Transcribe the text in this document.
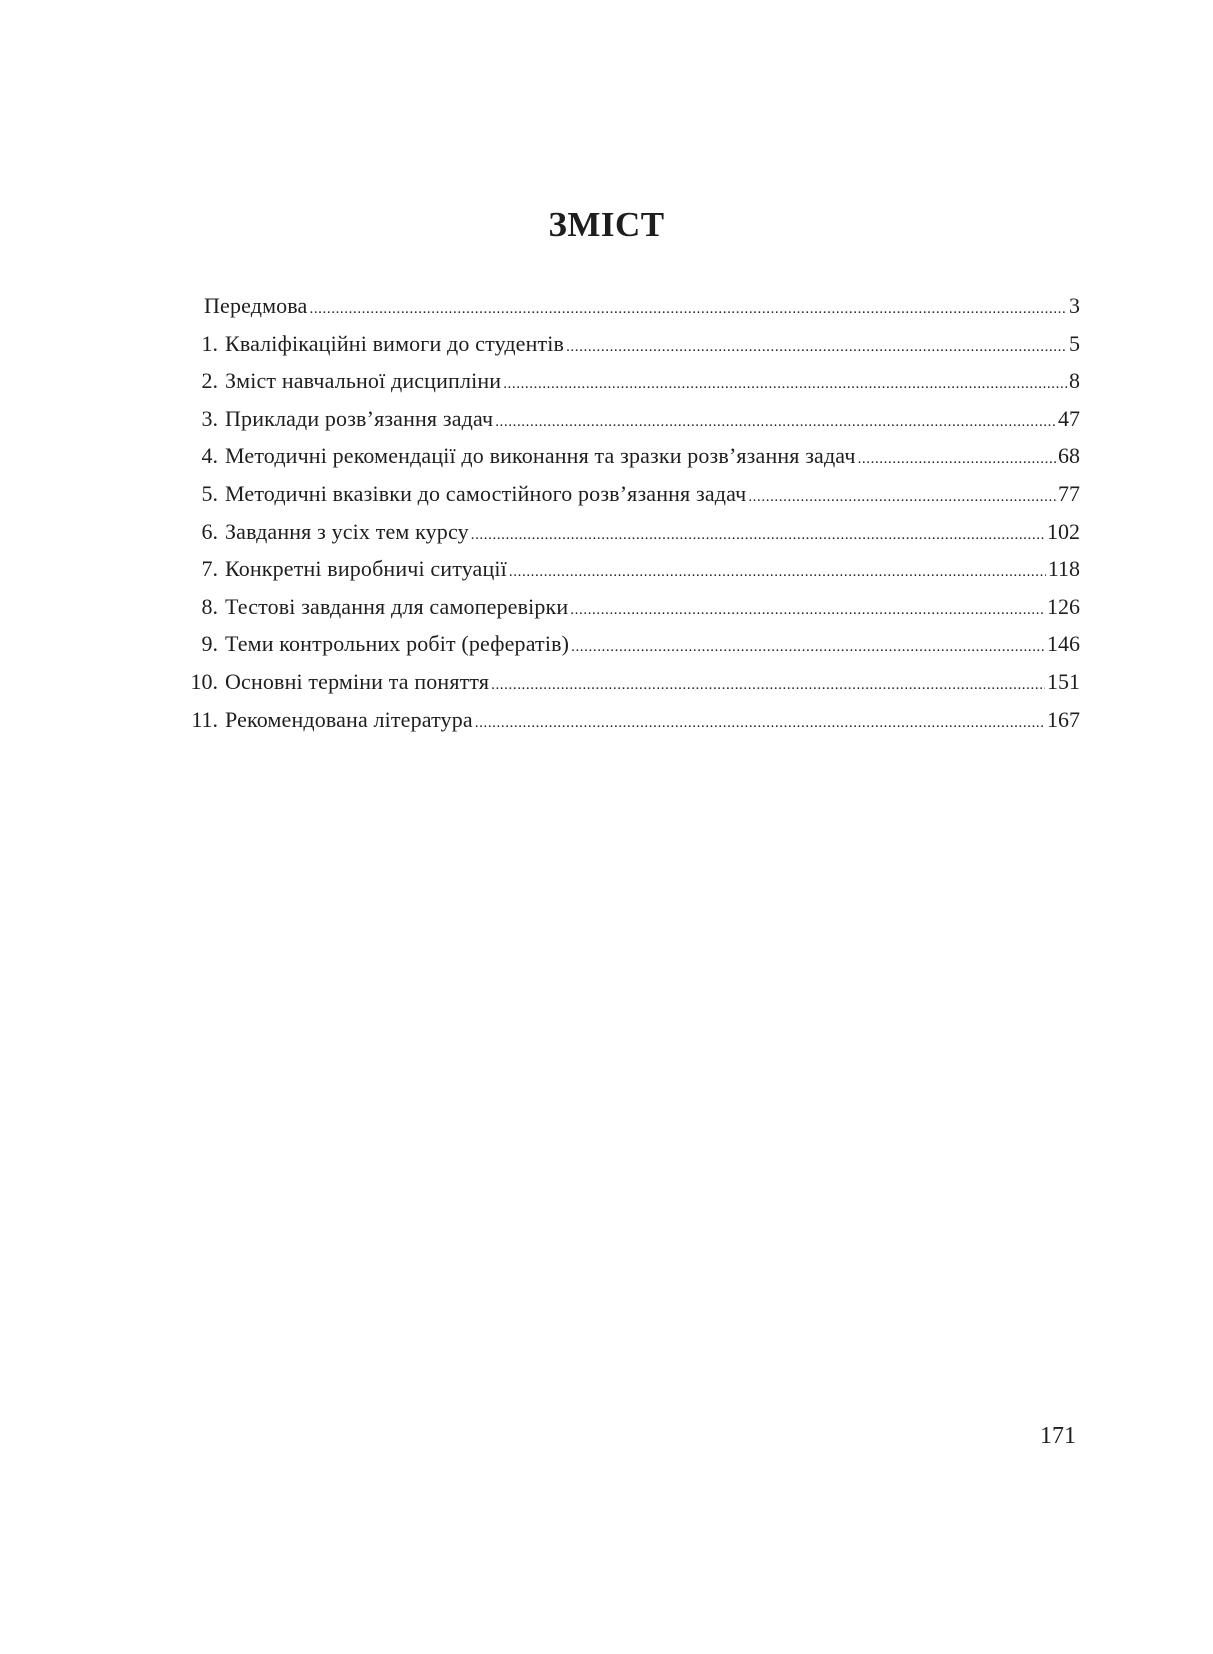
ЗМІСТ
Передмова .....	3
1. Кваліфікаційні вимоги до студентів .....	5
2. Зміст навчальної дисципліни .....	8
3. Приклади розв’язання задач .....	47
4. Методичні рекомендації до виконання та зразки розв’язання задач .....	68
5. Методичні вказівки до самостійного розв’язання задач .....	77
6. Завдання з усіх тем курсу .....	102
7. Конкретні виробничі ситуації .....	118
8. Тестові завдання для самоперевірки .....	126
9. Теми контрольних робіт (рефератів) .....	146
10. Основні терміни та поняття .....	151
11. Рекомендована література .....	167

171
